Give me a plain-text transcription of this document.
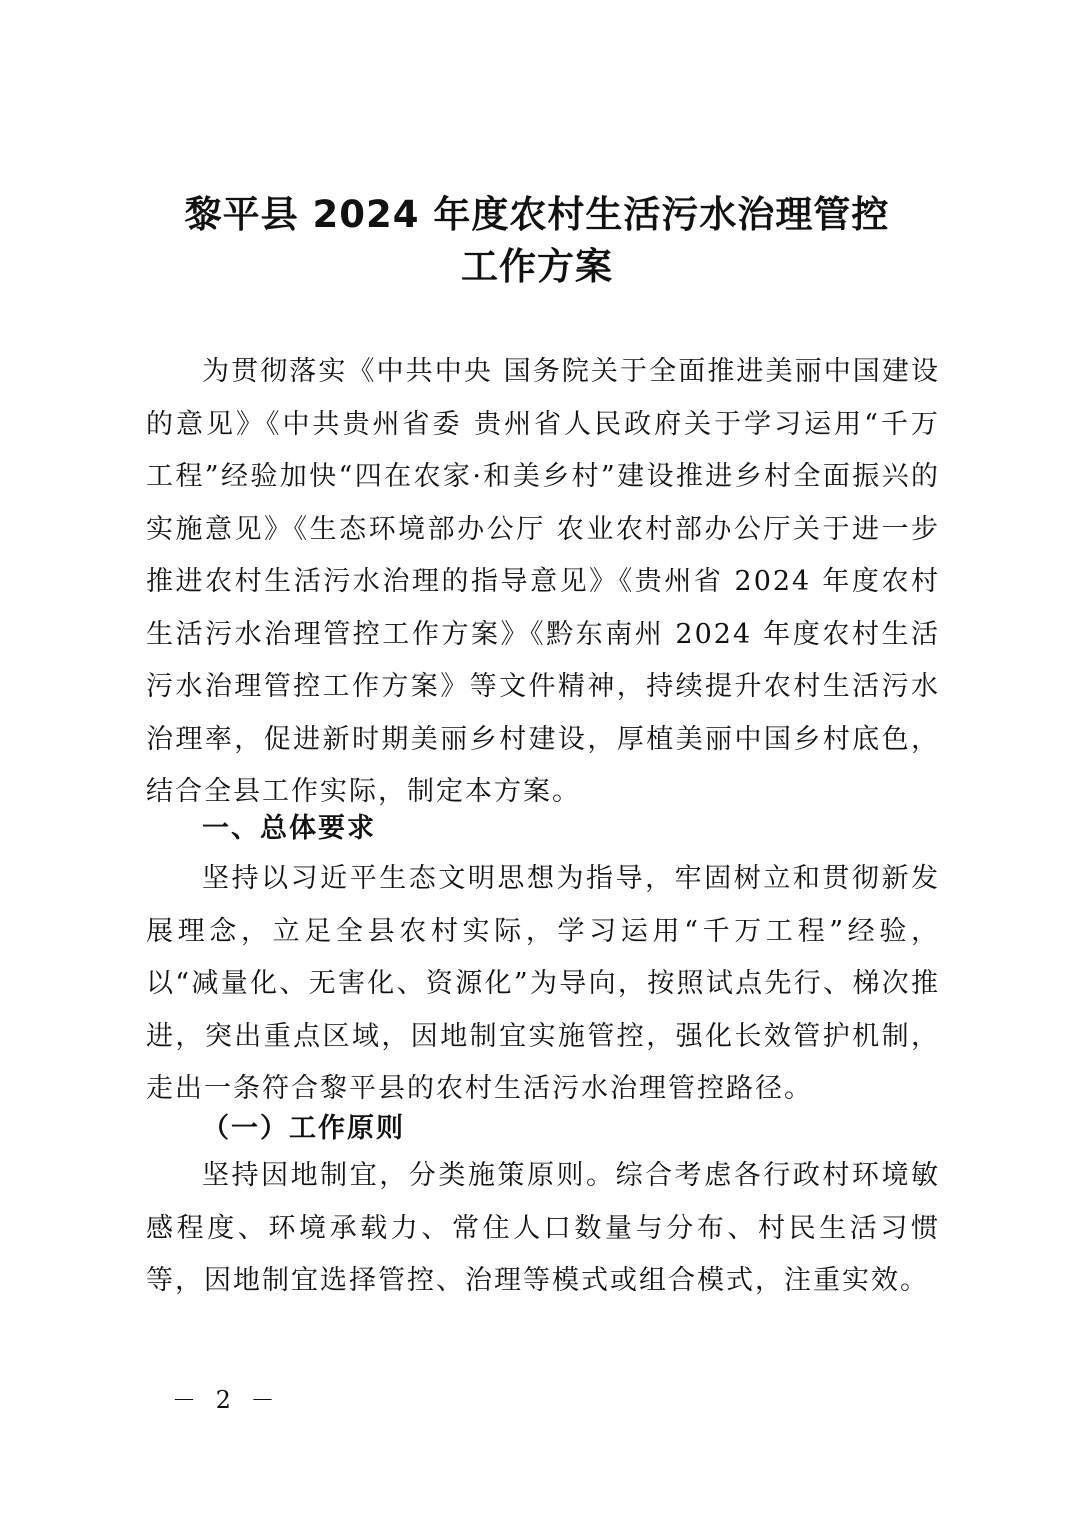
黎平县 2024 年度农村生活污水治理管控
工作方案

为贯彻落实《中共中央 国务院关于全面推进美丽中国建设的意见》《中共贵州省委 贵州省人民政府关于学习运用“千万工程”经验加快“四在农家·和美乡村”建设推进乡村全面振兴的实施意见》《生态环境部办公厅 农业农村部办公厅关于进一步推进农村生活污水治理的指导意见》《贵州省 2024 年度农村生活污水治理管控工作方案》《黔东南州 2024 年度农村生活污水治理管控工作方案》等文件精神，持续提升农村生活污水治理率，促进新时期美丽乡村建设，厚植美丽中国乡村底色，结合全县工作实际，制定本方案。

一、总体要求

坚持以习近平生态文明思想为指导，牢固树立和贯彻新发展理念，立足全县农村实际，学习运用“千万工程”经验，以“减量化、无害化、资源化”为导向，按照试点先行、梯次推进，突出重点区域，因地制宜实施管控，强化长效管护机制，走出一条符合黎平县的农村生活污水治理管控路径。

（一）工作原则

坚持因地制宜，分类施策原则。综合考虑各行政村环境敏感程度、环境承载力、常住人口数量与分布、村民生活习惯等，因地制宜选择管控、治理等模式或组合模式，注重实效。

－ 2 －
